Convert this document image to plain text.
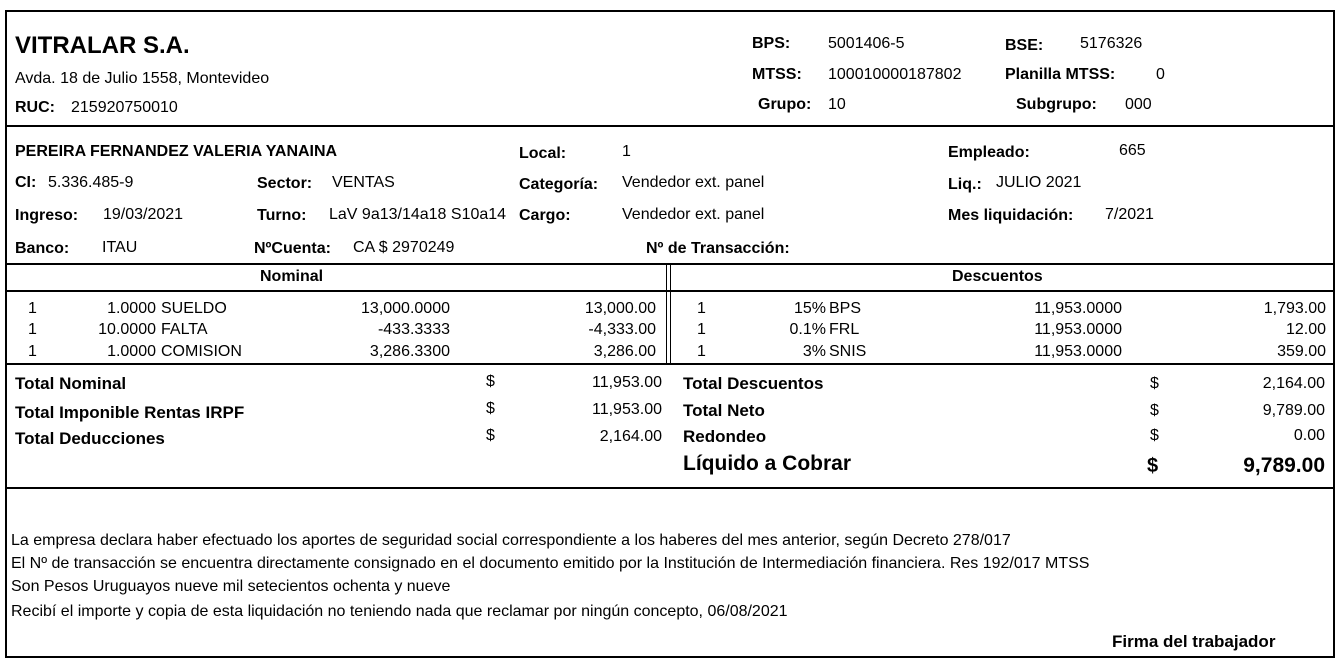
VITRALAR S.A.
Avda. 18 de Julio 1558, Montevideo
RUC: 215920750010
BPS: 5001406-5	BSE: 5176326
MTSS: 100010000187802	Planilla MTSS:	0
Grupo: 10	Subgrupo: 000
PEREIRA FERNANDEZ VALERIA YANAINA	Local:	1	Empleado:	665
CI: 5.336.485-9	Sector: VENTAS	Categoría: Vendedor ext. panel	Liq.: JULIO 2021
Ingreso: 19/03/2021	Turno: LaV 9a13/14a18 S10a14 Cargo:	Vendedor ext. panel	Mes liquidación: 7/2021
Banco: ITAU	NºCuenta: CA $ 2970249	Nº de Transacción:
Nominal	Descuentos
1	1.0000 SUELDO	13,000.0000	13,000.00
1	10.0000 FALTA	-433.3333	-4,333.00
1	1.0000 COMISION	3,286.3300	3,286.00
1	15% BPS	11,953.0000	1,793.00
1	0.1% FRL	11,953.0000	12.00
1	3% SNIS	11,953.0000	359.00
Total Nominal	$	11,953.00
Total Imponible Rentas IRPF	$	11,953.00
Total Deducciones	$	2,164.00
Total Descuentos	$	2,164.00
Total Neto	$	9,789.00
Redondeo	$	0.00
Líquido a Cobrar	$	9,789.00
La empresa declara haber efectuado los aportes de seguridad social correspondiente a los haberes del mes anterior, según Decreto 278/017
El Nº de transacción se encuentra directamente consignado en el documento emitido por la Institución de Intermediación financiera. Res 192/017 MTSS
Son Pesos Uruguayos nueve mil setecientos ochenta y nueve
Recibí el importe y copia de esta liquidación no teniendo nada que reclamar por ningún concepto, 06/08/2021
Firma del trabajador
